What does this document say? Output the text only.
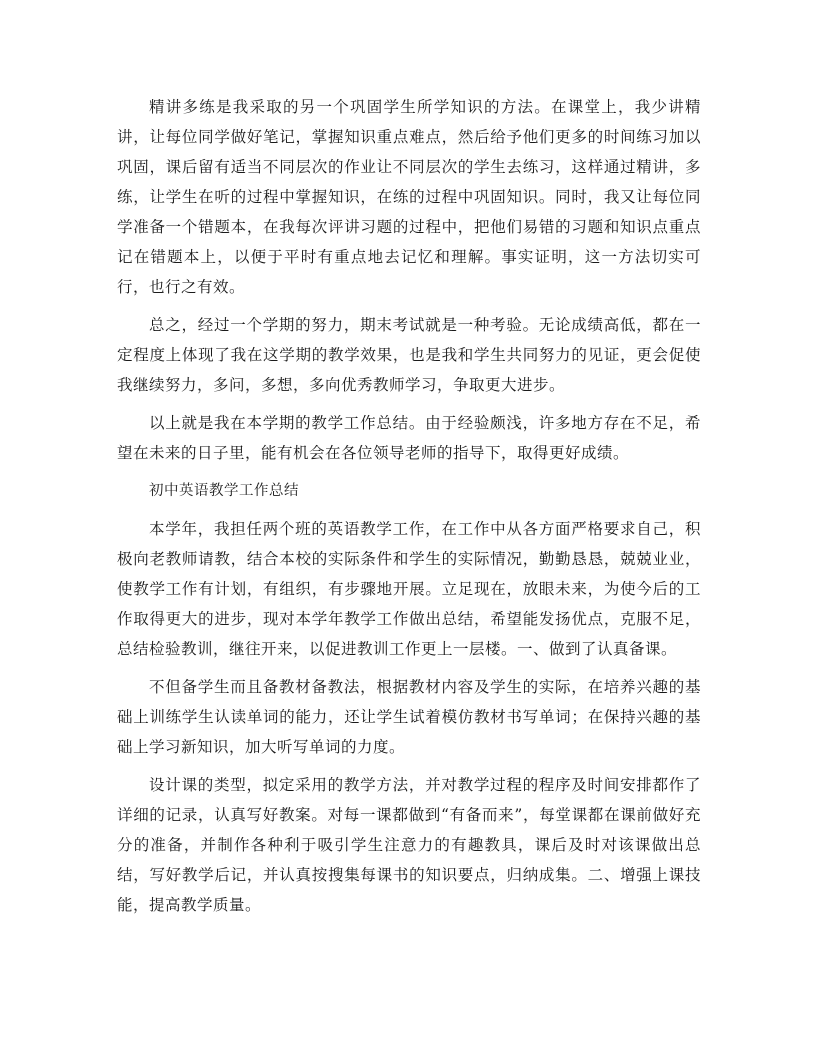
精讲多练是我采取的另一个巩固学生所学知识的方法。在课堂上，我少讲精讲，让每位同学做好笔记，掌握知识重点难点，然后给予他们更多的时间练习加以巩固，课后留有适当不同层次的作业让不同层次的学生去练习，这样通过精讲，多练，让学生在听的过程中掌握知识，在练的过程中巩固知识。同时，我又让每位同学准备一个错题本，在我每次评讲习题的过程中，把他们易错的习题和知识点重点记在错题本上，以便于平时有重点地去记忆和理解。事实证明，这一方法切实可行，也行之有效。

总之，经过一个学期的努力，期末考试就是一种考验。无论成绩高低，都在一定程度上体现了我在这学期的教学效果，也是我和学生共同努力的见证，更会促使我继续努力，多问，多想，多向优秀教师学习，争取更大进步。

以上就是我在本学期的教学工作总结。由于经验颇浅，许多地方存在不足，希望在未来的日子里，能有机会在各位领导老师的指导下，取得更好成绩。

初中英语教学工作总结

本学年，我担任两个班的英语教学工作，在工作中从各方面严格要求自己，积极向老教师请教，结合本校的实际条件和学生的实际情况，勤勤恳恳，兢兢业业，使教学工作有计划，有组织，有步骤地开展。立足现在，放眼未来，为使今后的工作取得更大的进步，现对本学年教学工作做出总结，希望能发扬优点，克服不足，总结检验教训，继往开来，以促进教训工作更上一层楼。一、做到了认真备课。

不但备学生而且备教材备教法，根据教材内容及学生的实际，在培养兴趣的基础上训练学生认读单词的能力，还让学生试着模仿教材书写单词；在保持兴趣的基础上学习新知识，加大听写单词的力度。

设计课的类型，拟定采用的教学方法，并对教学过程的程序及时间安排都作了详细的记录，认真写好教案。对每一课都做到“有备而来”，每堂课都在课前做好充分的准备，并制作各种利于吸引学生注意力的有趣教具，课后及时对该课做出总结，写好教学后记，并认真按搜集每课书的知识要点，归纳成集。二、增强上课技能，提高教学质量。
